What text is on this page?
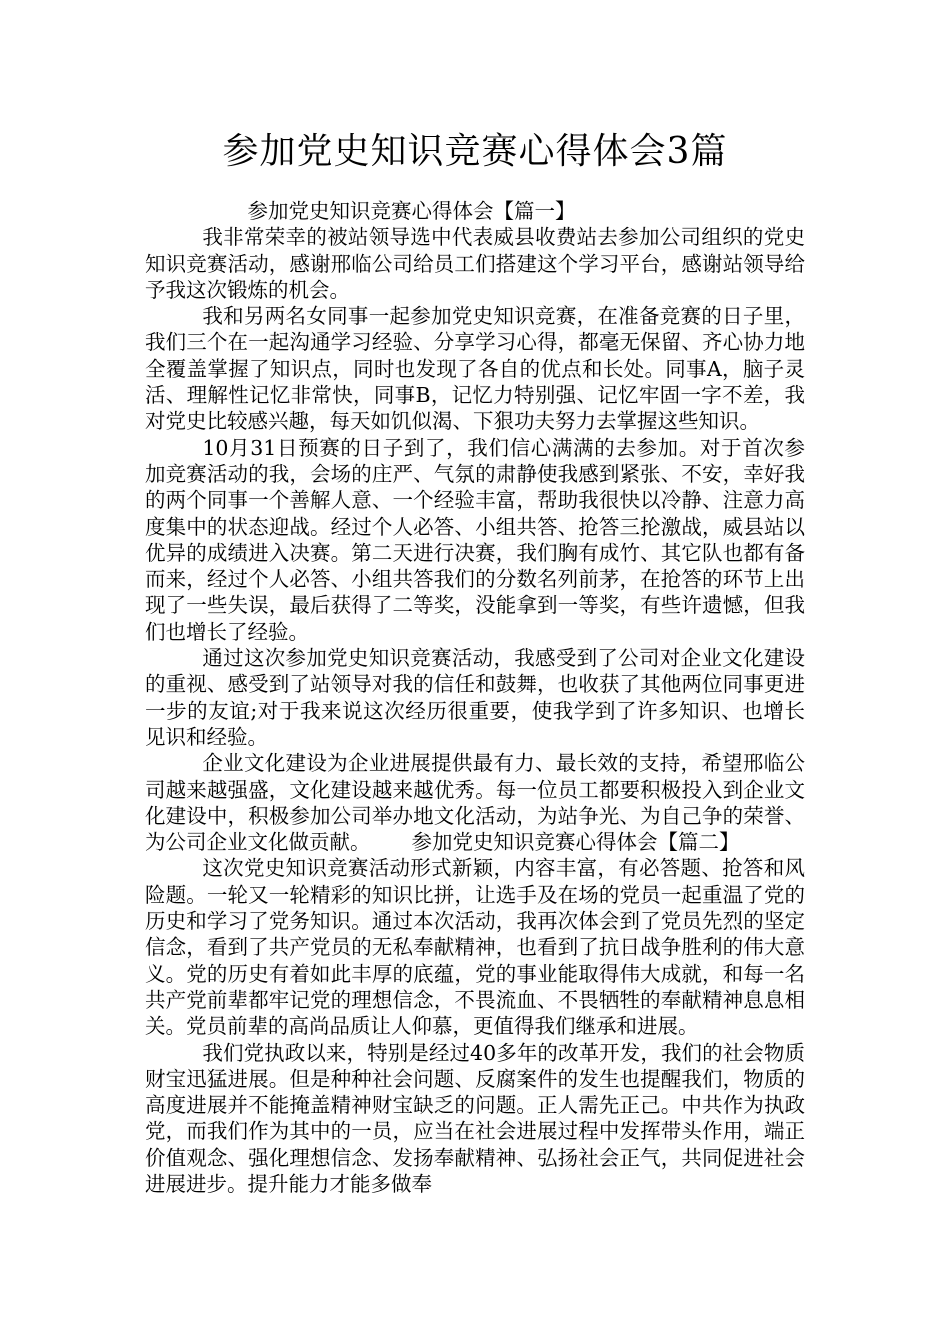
参加党史知识竞赛心得体会3篇

参加党史知识竞赛心得体会【篇一】

我非常荣幸的被站领导选中代表威县收费站去参加公司组织的党史知识竞赛活动，感谢邢临公司给员工们搭建这个学习平台，感谢站领导给予我这次锻炼的机会。

我和另两名女同事一起参加党史知识竞赛，在准备竞赛的日子里，我们三个在一起沟通学习经验、分享学习心得，都毫无保留、齐心协力地全覆盖掌握了知识点，同时也发现了各自的优点和长处。同事A，脑子灵活、理解性记忆非常快，同事B，记忆力特别强、记忆牢固一字不差，我对党史比较感兴趣，每天如饥似渴、下狠功夫努力去掌握这些知识。

10月31日预赛的日子到了，我们信心满满的去参加。对于首次参加竞赛活动的我，会场的庄严、气氛的肃静使我感到紧张、不安，幸好我的两个同事一个善解人意、一个经验丰富，帮助我很快以冷静、注意力高度集中的状态迎战。经过个人必答、小组共答、抢答三抡激战，威县站以优异的成绩进入决赛。第二天进行决赛，我们胸有成竹、其它队也都有备而来，经过个人必答、小组共答我们的分数名列前茅，在抢答的环节上出现了一些失误，最后获得了二等奖，没能拿到一等奖，有些许遗憾，但我们也增长了经验。

通过这次参加党史知识竞赛活动，我感受到了公司对企业文化建设的重视、感受到了站领导对我的信任和鼓舞，也收获了其他两位同事更进一步的友谊;对于我来说这次经历很重要，使我学到了许多知识、也增长见识和经验。

企业文化建设为企业进展提供最有力、最长效的支持，希望邢临公司越来越强盛，文化建设越来越优秀。每一位员工都要积极投入到企业文化建设中，积极参加公司举办地文化活动，为站争光、为自己争的荣誉、为公司企业文化做贡献。 参加党史知识竞赛心得体会【篇二】

这次党史知识竞赛活动形式新颖，内容丰富，有必答题、抢答和风险题。一轮又一轮精彩的知识比拼，让选手及在场的党员一起重温了党的历史和学习了党务知识。通过本次活动，我再次体会到了党员先烈的坚定信念，看到了共产党员的无私奉献精神，也看到了抗日战争胜利的伟大意义。党的历史有着如此丰厚的底蕴，党的事业能取得伟大成就，和每一名共产党前辈都牢记党的理想信念，不畏流血、不畏牺牲的奉献精神息息相关。党员前辈的高尚品质让人仰慕，更值得我们继承和进展。

我们党执政以来，特别是经过40多年的改革开发，我们的社会物质财宝迅猛进展。但是种种社会问题、反腐案件的发生也提醒我们，物质的高度进展并不能掩盖精神财宝缺乏的问题。正人需先正己。中共作为执政党，而我们作为其中的一员，应当在社会进展过程中发挥带头作用，端正价值观念、强化理想信念、发扬奉献精神、弘扬社会正气，共同促进社会进展进步。提升能力才能多做奉
